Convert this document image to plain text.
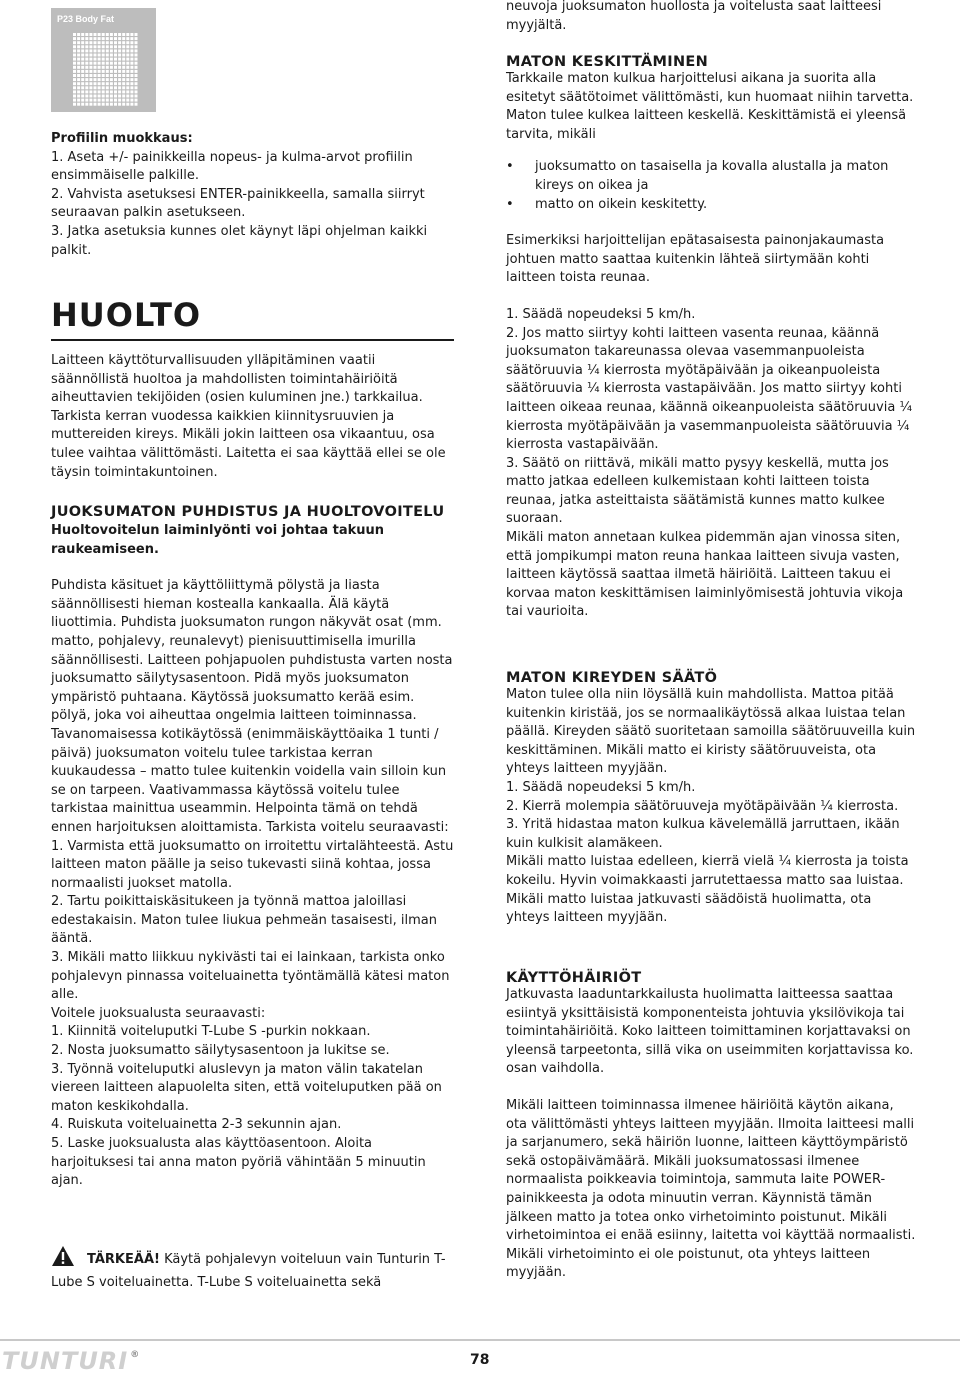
P23 Body Fat

Profiilin muokkaus:

1. Aseta +/- painikkeilla nopeus- ja kulma-arvot profiilin ensimmäiselle palkille.
2. Vahvista asetuksesi ENTER-painikkeella, samalla siirryt seuraavan palkin asetukseen.
3. Jatka asetuksia kunnes olet käynyt läpi ohjelman kaikki palkit.

HUOLTO

Laitteen käyttöturvallisuuden ylläpitäminen vaatii säännöllistä huoltoa ja mahdollisten toimintahäiriöitä aiheuttavien tekijöiden (osien kuluminen jne.) tarkkailua. Tarkista kerran vuodessa kaikkien kiinnitysruuvien ja muttereiden kireys. Mikäli jokin laitteen osa vikaantuu, osa tulee vaihtaa välittömästi. Laitetta ei saa käyttää ellei se ole täysin toimintakuntoinen.

JUOKSUMATON PUHDISTUS JA HUOLTOVOITELU

Huoltovoitelun laiminlyönti voi johtaa takuun raukeamiseen.

Puhdista käsituet ja käyttöliittymä pölystä ja liasta säännöllisesti hieman kostealla kankaalla. Älä käytä liuottimia. Puhdista juoksumaton rungon näkyvät osat (mm. matto, pohjalevy, reunalevyt) pienisuuttimisella imurilla säännöllisesti. Laitteen pohjapuolen puhdistusta varten nosta juoksumatto säilytysasentoon. Pidä myös juoksumaton ympäristö puhtaana. Käytössä juoksumatto kerää esim. pölyä, joka voi aiheuttaa ongelmia laitteen toiminnassa.
Tavanomaisessa kotikäytössä (enimmäiskäyttöaika 1 tunti / päivä) juoksumaton voitelu tulee tarkistaa kerran kuukaudessa – matto tulee kuitenkin voidella vain silloin kun se on tarpeen. Vaativammassa käytössä voitelu tulee tarkistaa mainittua useammin. Helpointa tämä on tehdä ennen harjoituksen aloittamista. Tarkista voitelu seuraavasti:
1. Varmista että juoksumatto on irroitettu virtalähteestä. Astu laitteen maton päälle ja seiso tukevasti siinä kohtaa, jossa normaalisti juokset matolla.
2. Tartu poikittaiskäsitukeen ja työnnä mattoa jaloillasi edestakaisin. Maton tulee liukua pehmeän tasaisesti, ilman ääntä.
3. Mikäli matto liikkuu nykivästi tai ei lainkaan, tarkista onko pohjalevyn pinnassa voiteluainetta työntämällä kätesi maton alle.
Voitele juoksualusta seuraavasti:
1. Kiinnitä voiteluputki T-Lube S -purkin nokkaan.
2. Nosta juoksumatto säilytysasentoon ja lukitse se.
3. Työnnä voiteluputki aluslevyn ja maton välin takatelan viereen laitteen alapuolelta siten, että voiteluputken pää on maton keskikohdalla.
4. Ruiskuta voiteluainetta 2-3 sekunnin ajan.
5. Laske juoksualusta alas käyttöasentoon. Aloita harjoituksesi tai anna maton pyöriä vähintään 5 minuutin ajan.

TÄRKEÄÄ! Käytä pohjalevyn voiteluun vain Tunturin T-Lube S voiteluainetta. T-Lube S voiteluainetta sekä

neuvoja juoksumaton huollosta ja voitelusta saat laitteesi myyjältä.

MATON KESKITTÄMINEN

Tarkkaile maton kulkua harjoittelusi aikana ja suorita alla esitetyt säätötoimet välittömästi, kun huomaat niihin tarvetta. Maton tulee kulkea laitteen keskellä. Keskittämistä ei yleensä tarvita, mikäli

• juoksumatto on tasaisella ja kovalla alustalla ja maton kireys on oikea ja
• matto on oikein keskitetty.

Esimerkiksi harjoittelijan epätasaisesta painonjakaumasta johtuen matto saattaa kuitenkin lähteä siirtymään kohti laitteen toista reunaa.

1. Säädä nopeudeksi 5 km/h.
2. Jos matto siirtyy kohti laitteen vasenta reunaa, käännä juoksumaton takareunassa olevaa vasemmanpuoleista säätöruuvia ¼ kierrosta myötäpäivään ja oikeanpuoleista säätöruuvia ¼ kierrosta vastapäivään. Jos matto siirtyy kohti laitteen oikeaa reunaa, käännä oikeanpuoleista säätöruuvia ¼ kierrosta myötäpäivään ja vasemmanpuoleista säätöruuvia ¼ kierrosta vastapäivään.
3. Säätö on riittävä, mikäli matto pysyy keskellä, mutta jos matto jatkaa edelleen kulkemistaan kohti laitteen toista reunaa, jatka asteittaista säätämistä kunnes matto kulkee suoraan.
Mikäli maton annetaan kulkea pidemmän ajan vinossa siten, että jompikumpi maton reuna hankaa laitteen sivuja vasten, laitteen käytössä saattaa ilmetä häiriöitä. Laitteen takuu ei korvaa maton keskittämisen laiminlyömisestä johtuvia vikoja tai vaurioita.

MATON KIREYDEN SÄÄTÖ

Maton tulee olla niin löysällä kuin mahdollista. Mattoa pitää kuitenkin kiristää, jos se normaalikäytössä alkaa luistaa telan päällä. Kireyden säätö suoritetaan samoilla säätöruuveilla kuin keskittäminen. Mikäli matto ei kiristy säätöruuveista, ota yhteys laitteen myyjään.
1. Säädä nopeudeksi 5 km/h.
2. Kierrä molempia säätöruuveja myötäpäivään ¼ kierrosta.
3. Yritä hidastaa maton kulkua kävelemällä jarruttaen, ikään kuin kulkisit alamäkeen.
Mikäli matto luistaa edelleen, kierrä vielä ¼ kierrosta ja toista kokeilu. Hyvin voimakkaasti jarrutettaessa matto saa luistaa. Mikäli matto luistaa jatkuvasti säädöistä huolimatta, ota yhteys laitteen myyjään.

KÄYTTÖHÄIRIÖT

Jatkuvasta laaduntarkkailusta huolimatta laitteessa saattaa esiintyä yksittäisistä komponenteista johtuvia yksilövikoja tai toimintahäiriöitä. Koko laitteen toimittaminen korjattavaksi on yleensä tarpeetonta, sillä vika on useimmiten korjattavissa ko. osan vaihdolla.

Mikäli laitteen toiminnassa ilmenee häiriöitä käytön aikana, ota välittömästi yhteys laitteen myyjään. Ilmoita laitteesi malli ja sarjanumero, sekä häiriön luonne, laitteen käyttöympäristö sekä ostopäivämäärä. Mikäli juoksumatossasi ilmenee normaalista poikkeavia toimintoja, sammuta laite POWER-painikkeesta ja odota minuutin verran. Käynnistä tämän jälkeen matto ja totea onko virhetoiminto poistunut. Mikäli virhetoimintoa ei enää esiinny, laitetta voi käyttää normaalisti. Mikäli virhetoiminto ei ole poistunut, ota yhteys laitteen myyjään.

TUNTURI ®	78
